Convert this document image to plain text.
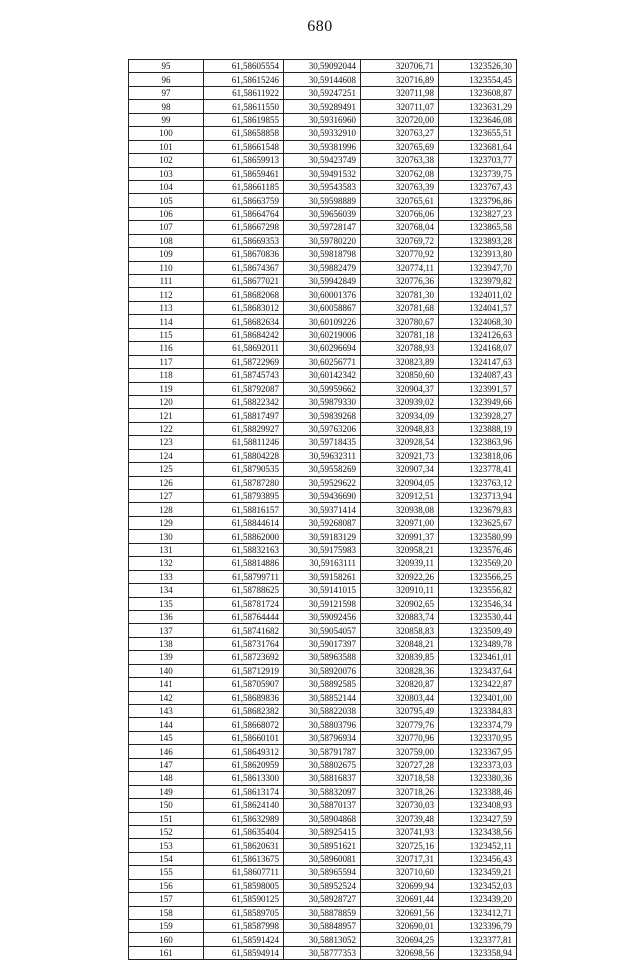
680
95	61,58605554	30,59092044	320706,71	1323526,30
96	61,58615246	30,59144608	320716,89	1323554,45
97	61,58611922	30,59247251	320711,98	1323608,87
98	61,58611550	30,59289491	320711,07	1323631,29
99	61,58619855	30,59316960	320720,00	1323646,08
100	61,58658858	30,59332910	320763,27	1323655,51
101	61,58661548	30,59381996	320765,69	1323681,64
102	61,58659913	30,59423749	320763,38	1323703,77
103	61,58659461	30,59491532	320762,08	1323739,75
104	61,58661185	30,59543583	320763,39	1323767,43
105	61,58663759	30,59598889	320765,61	1323796,86
106	61,58664764	30,59656039	320766,06	1323827,23
107	61,58667298	30,59728147	320768,04	1323865,58
108	61,58669353	30,59780220	320769,72	1323893,28
109	61,58670836	30,59818798	320770,92	1323913,80
110	61,58674367	30,59882479	320774,11	1323947,70
111	61,58677021	30,59942849	320776,36	1323979,82
112	61,58682068	30,60001376	320781,30	1324011,02
113	61,58683012	30,60058867	320781,68	1324041,57
114	61,58682634	30,60109226	320780,67	1324068,30
115	61,58684242	30,60219006	320781,18	1324126,63
116	61,58692011	30,60296694	320788,93	1324168,07
117	61,58722969	30,60256771	320823,89	1324147,63
118	61,58745743	30,60142342	320850,60	1324087,43
119	61,58792087	30,59959662	320904,37	1323991,57
120	61,58822342	30,59879330	320939,02	1323949,66
121	61,58817497	30,59839268	320934,09	1323928,27
122	61,58829927	30,59763206	320948,83	1323888,19
123	61,58811246	30,59718435	320928,54	1323863,96
124	61,58804228	30,59632311	320921,73	1323818,06
125	61,58790535	30,59558269	320907,34	1323778,41
126	61,58787280	30,59529622	320904,05	1323763,12
127	61,58793895	30,59436690	320912,51	1323713,94
128	61,58816157	30,59371414	320938,08	1323679,83
129	61,58844614	30,59268087	320971,00	1323625,67
130	61,58862000	30,59183129	320991,37	1323580,99
131	61,58832163	30,59175983	320958,21	1323576,46
132	61,58814886	30,59163111	320939,11	1323569,20
133	61,58799711	30,59158261	320922,26	1323566,25
134	61,58788625	30,59141015	320910,11	1323556,82
135	61,58781724	30,59121598	320902,65	1323546,34
136	61,58764444	30,59092456	320883,74	1323530,44
137	61,58741682	30,59054057	320858,83	1323509,49
138	61,58731764	30,59017397	320848,21	1323489,78
139	61,58723692	30,58963588	320839,85	1323461,01
140	61,58712919	30,58920076	320828,36	1323437,64
141	61,58705907	30,58892585	320820,87	1323422,87
142	61,58689836	30,58852144	320803,44	1323401,00
143	61,58682382	30,58822038	320795,49	1323384,83
144	61,58668072	30,58803796	320779,76	1323374,79
145	61,58660101	30,58796934	320770,96	1323370,95
146	61,58649312	30,58791787	320759,00	1323367,95
147	61,58620959	30,58802675	320727,28	1323373,03
148	61,58613300	30,58816837	320718,58	1323380,36
149	61,58613174	30,58832097	320718,26	1323388,46
150	61,58624140	30,58870137	320730,03	1323408,93
151	61,58632989	30,58904868	320739,48	1323427,59
152	61,58635404	30,58925415	320741,93	1323438,56
153	61,58620631	30,58951621	320725,16	1323452,11
154	61,58613675	30,58960081	320717,31	1323456,43
155	61,58607711	30,58965594	320710,60	1323459,21
156	61,58598005	30,58952524	320699,94	1323452,03
157	61,58590125	30,58928727	320691,44	1323439,20
158	61,58589705	30,58878859	320691,56	1323412,71
159	61,58587998	30,58848957	320690,01	1323396,79
160	61,58591424	30,58813052	320694,25	1323377,81
161	61,58594914	30,58777353	320698,56	1323358,94
